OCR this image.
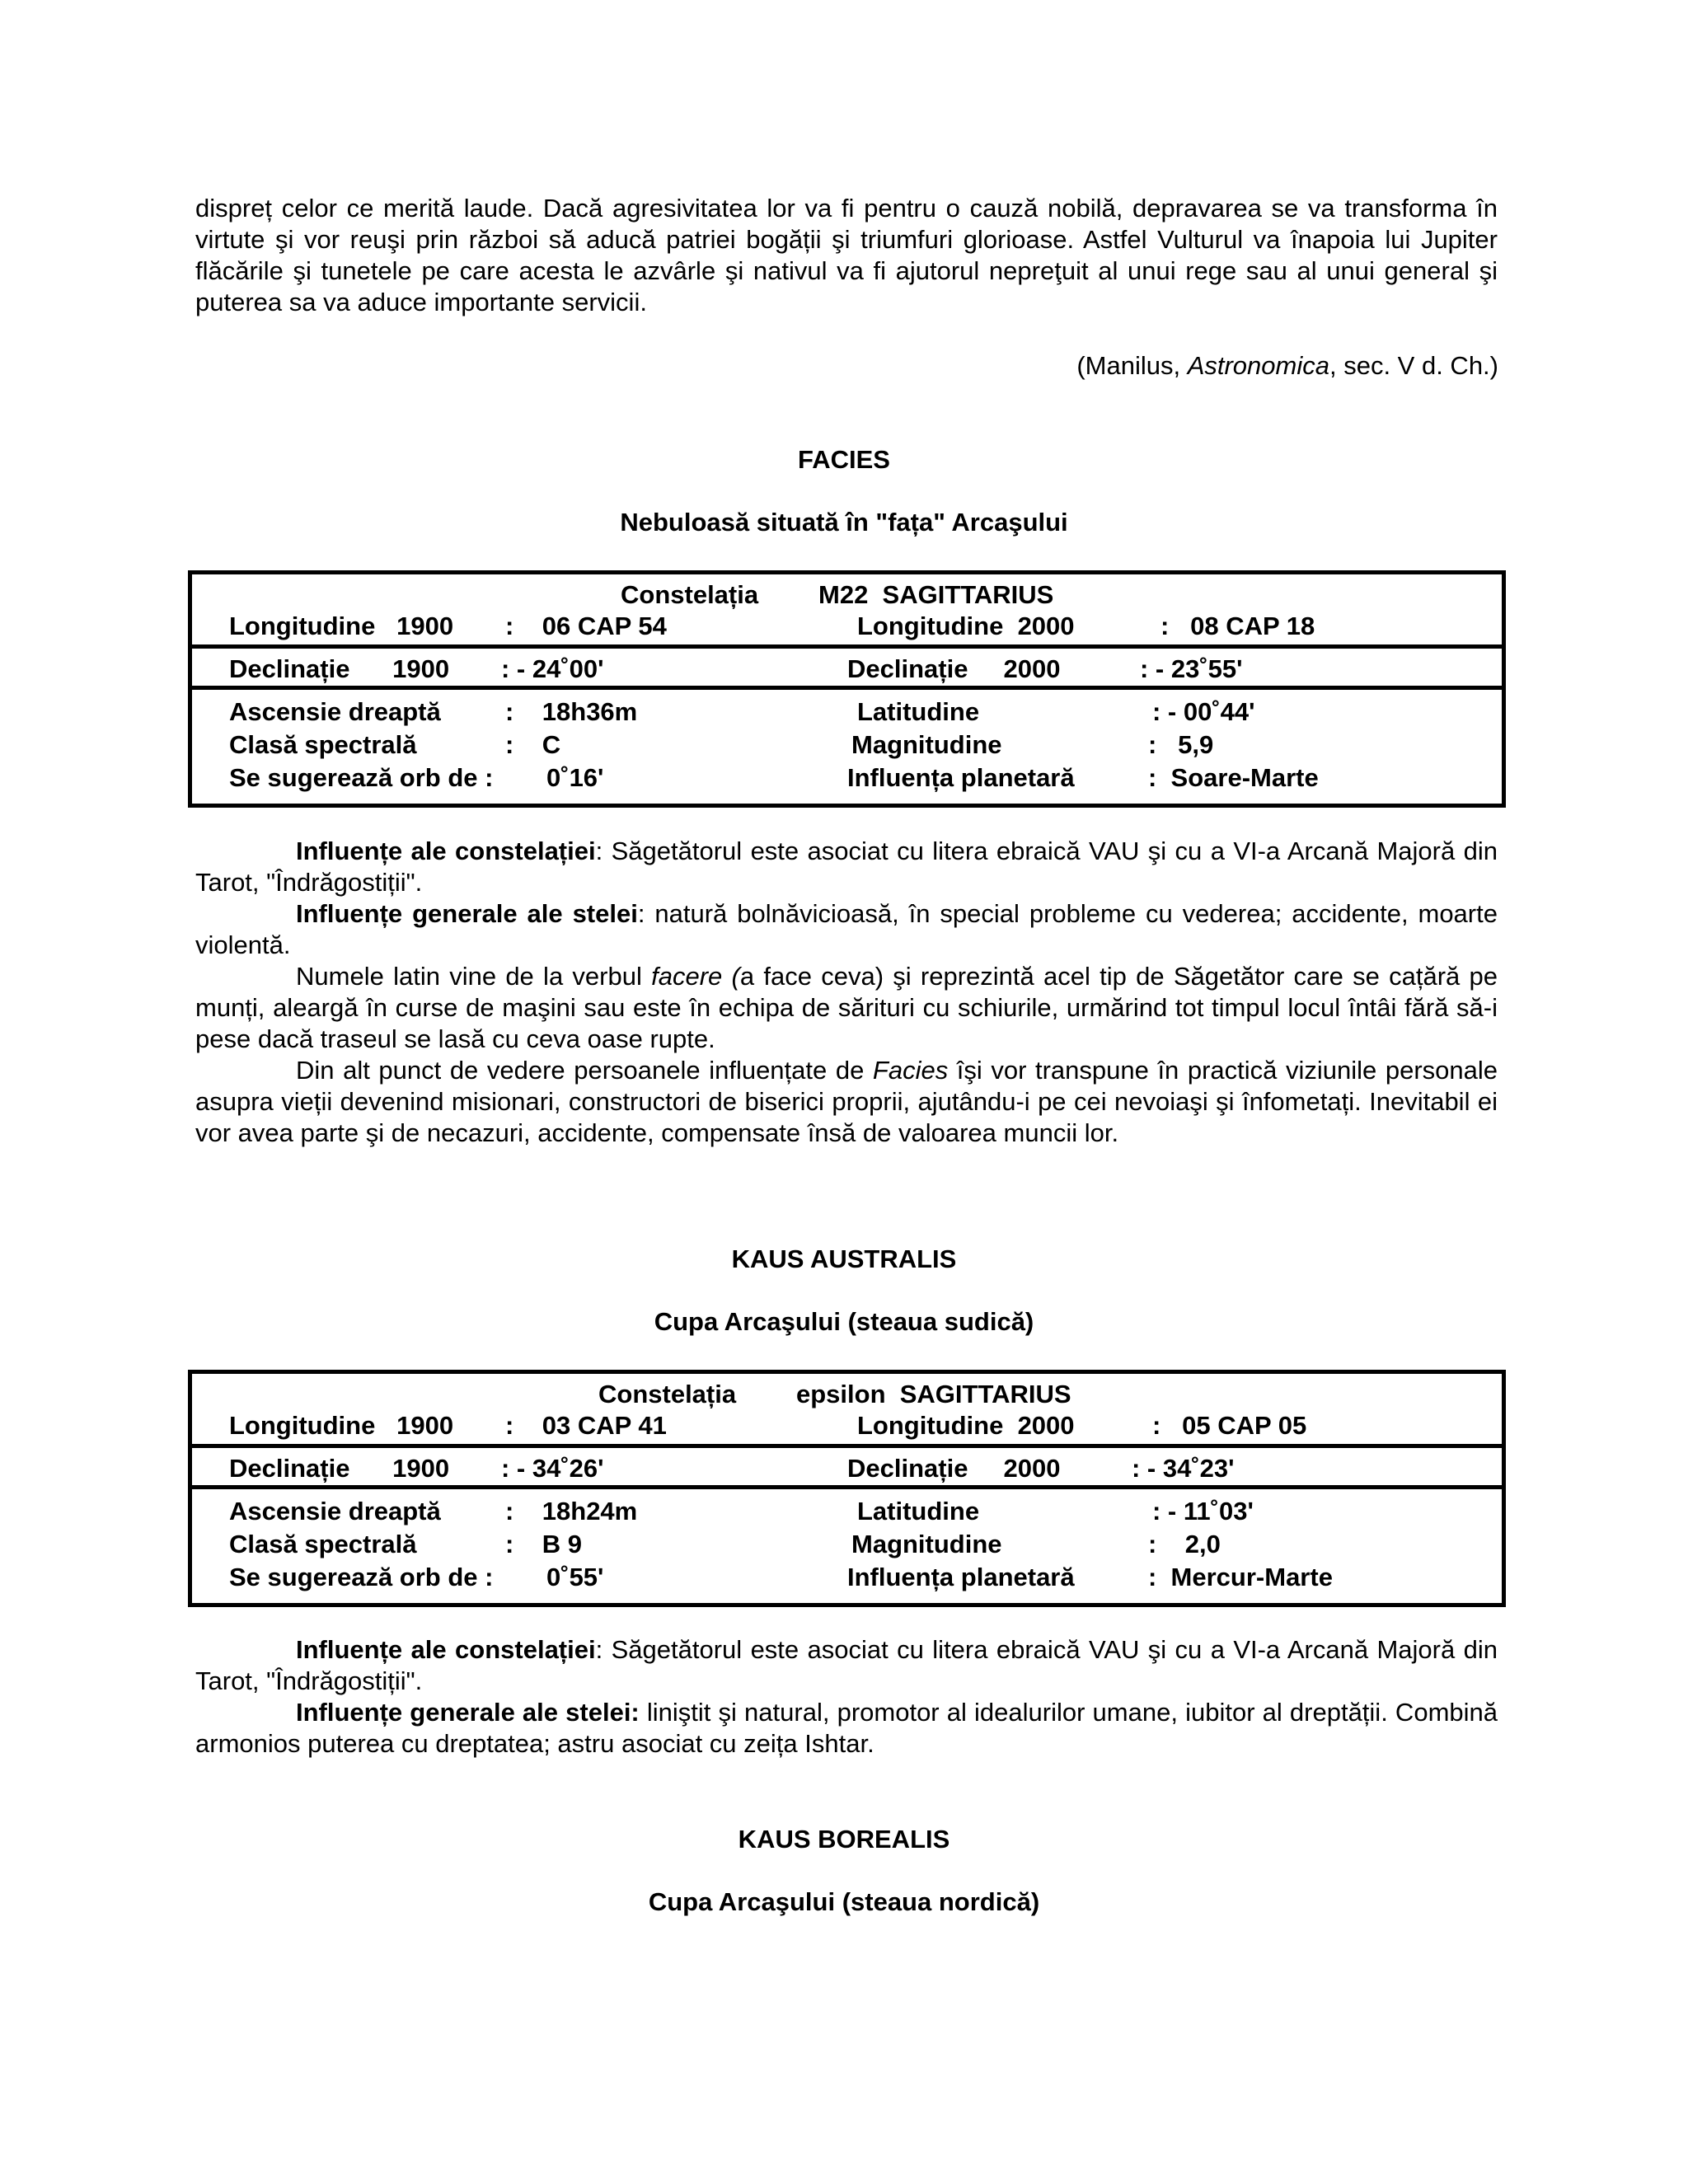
dispreț celor ce merită laude. Dacă agresivitatea lor va fi pentru o cauză nobilă, depravarea se va transforma în virtute şi vor reuşi prin război să aducă patriei bogății şi triumfuri glorioase. Astfel Vulturul va înapoia lui Jupiter flăcările şi tunetele pe care acesta le azvârle şi nativul va fi ajutorul nepreţuit al unui rege sau al unui general şi puterea sa va aduce importante servicii.

(Manilus, Astronomica, sec. V d. Ch.)
FACIES
Nebuloasă situată în "fața" Arcaşului
Constelația M22  SAGITTARIUS
Longitudine   1900 :    06 CAP 54	Longitudine  2000	:   08 CAP 18
Declinație      1900 : - 24˚00ʹ	Declinație     2000	: - 23˚55ʹ
Ascensie dreaptă	:    18h36m	Latitudine	: - 00˚44ʹ
Clasă spectrală	:    C	Magnitudine	:   5,9
Se sugerează orb de : 0˚16ʹ	Influența planetară	:  Soare-Marte

Influențe ale constelației: Săgetătorul este asociat cu litera ebraică VAU şi cu a VI-a Arcană Majoră din Tarot, "Îndrăgostiții".

Influențe generale ale stelei: natură bolnăvicioasă, în special probleme cu vederea; accidente, moarte violentă.

Numele latin vine de la verbul facere (a face ceva) şi reprezintă acel tip de Săgetător care se cațără pe munți, aleargă în curse de maşini sau este în echipa de sărituri cu schiurile, urmărind tot timpul locul întâi fără să-i pese dacă traseul se lasă cu ceva oase rupte.

Din alt punct de vedere persoanele influențate de Facies îşi vor transpune în practică viziunile personale asupra vieții devenind misionari, constructori de biserici proprii, ajutându-i pe cei nevoiaşi şi înfometați. Inevitabil ei vor avea parte şi de necazuri, accidente, compensate însă de valoarea muncii lor.

KAUS AUSTRALIS
Cupa Arcaşului (steaua sudică)
Constelația epsilon  SAGITTARIUS
Longitudine   1900 :    03 CAP 41	Longitudine  2000	:   05 CAP 05
Declinație      1900 : - 34˚26ʹ	Declinație     2000	: - 34˚23ʹ
Ascensie dreaptă	:    18h24m	Latitudine	: - 11˚03ʹ
Clasă spectrală	:    B 9	Magnitudine	:    2,0
Se sugerează orb de : 0˚55ʹ	Influența planetară	:  Mercur-Marte

Influențe ale constelației: Săgetătorul este asociat cu litera ebraică VAU şi cu a VI-a Arcană Majoră din Tarot, "Îndrăgostiții".

Influențe generale ale stelei: liniştit şi natural, promotor al idealurilor umane, iubitor al dreptății. Combină armonios puterea cu dreptatea; astru asociat cu zeița Ishtar.

KAUS BOREALIS
Cupa Arcaşului (steaua nordică)
